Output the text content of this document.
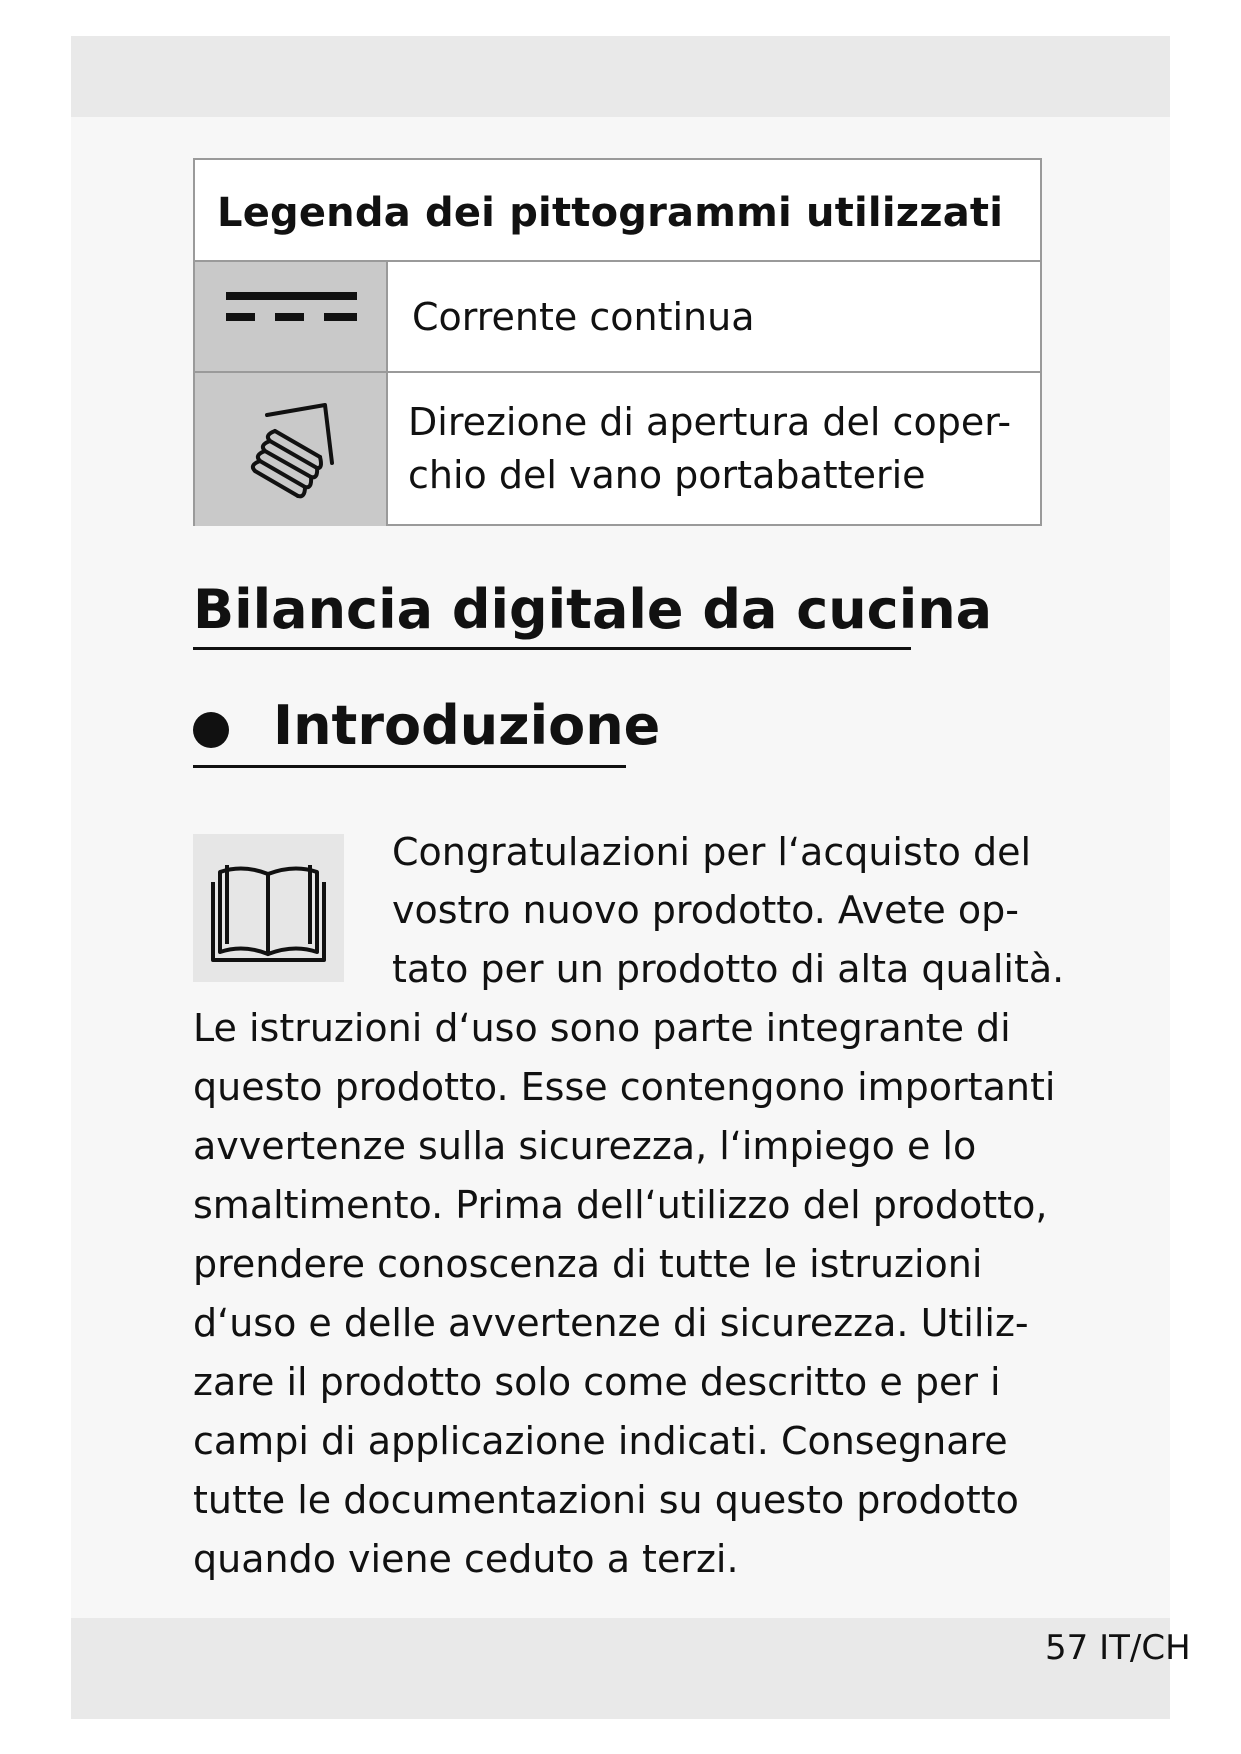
Legenda dei pittogrammi utilizzati
Corrente continua
Direzione di apertura del coper-
chio del vano portabatterie
Bilancia digitale da cucina
Introduzione
Congratulazioni per l‘acquisto del
vostro nuovo prodotto. Avete op-
tato per un prodotto di alta qualità.
Le istruzioni d‘uso sono parte integrante di
questo prodotto. Esse contengono importanti
avvertenze sulla sicurezza, l‘impiego e lo
smaltimento. Prima dell‘utilizzo del prodotto,
prendere conoscenza di tutte le istruzioni
d‘uso e delle avvertenze di sicurezza. Utiliz-
zare il prodotto solo come descritto e per i
campi di applicazione indicati. Consegnare
tutte le documentazioni su questo prodotto
quando viene ceduto a terzi.
57 IT/CH
